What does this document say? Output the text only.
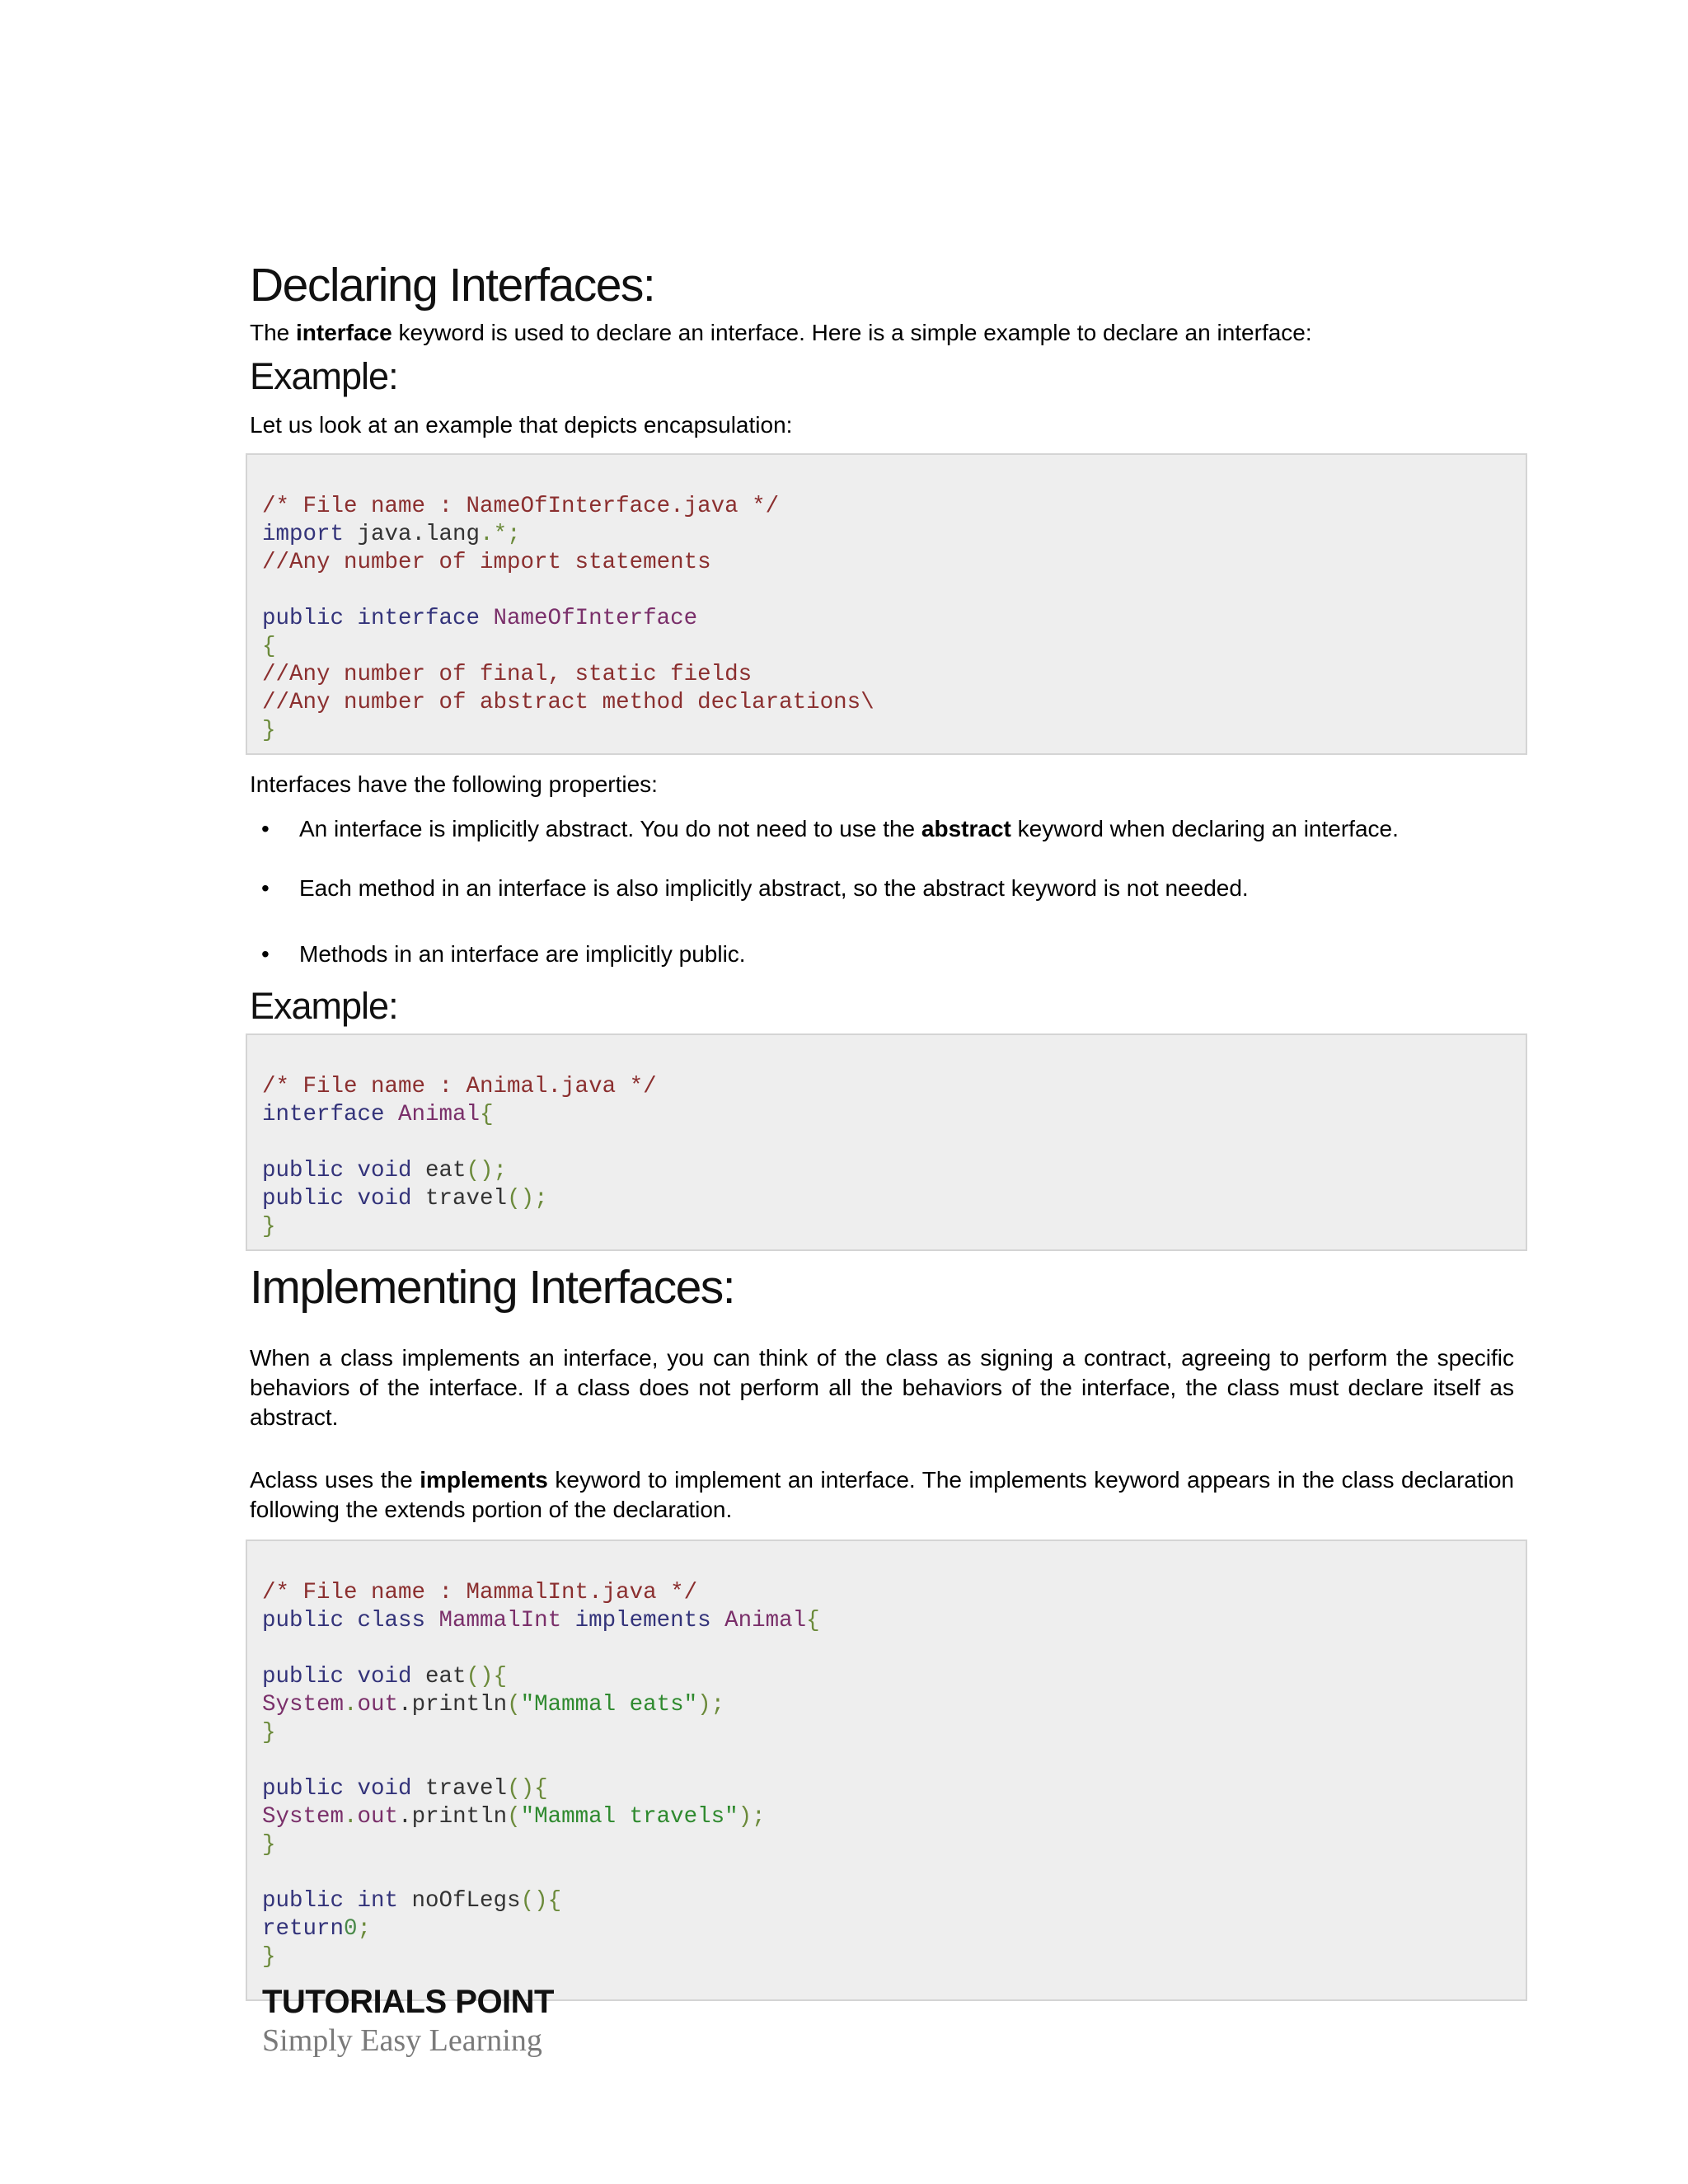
Declaring Interfaces:

The interface keyword is used to declare an interface. Here is a simple example to declare an interface:

Example:

Let us look at an example that depicts encapsulation:

/* File name : NameOfInterface.java */
import java.lang.*;
//Any number of import statements
public interface NameOfInterface
{
//Any number of final, static fields
//Any number of abstract method declarations\
}

Interfaces have the following properties:

• An interface is implicitly abstract. You do not need to use the abstract keyword when declaring an interface.
• Each method in an interface is also implicitly abstract, so the abstract keyword is not needed.
• Methods in an interface are implicitly public.
Example:

/* File name : Animal.java */
interface Animal{
public void eat();
public void travel();
}
Implementing Interfaces:

When a class implements an interface, you can think of the class as signing a contract, agreeing to perform the specific behaviors of the interface. If a class does not perform all the behaviors of the interface, the class must declare itself as abstract.

Aclass uses the implements keyword to implement an interface. The implements keyword appears in the class declaration following the extends portion of the declaration.

/* File name : MammalInt.java */
public class MammalInt implements Animal{
public void eat(){
System.out.println("Mammal eats");
}
public void travel(){
System.out.println("Mammal travels");
}
public int noOfLegs(){
return0;
}
TUTORIALS POINT
Simply Easy Learning
